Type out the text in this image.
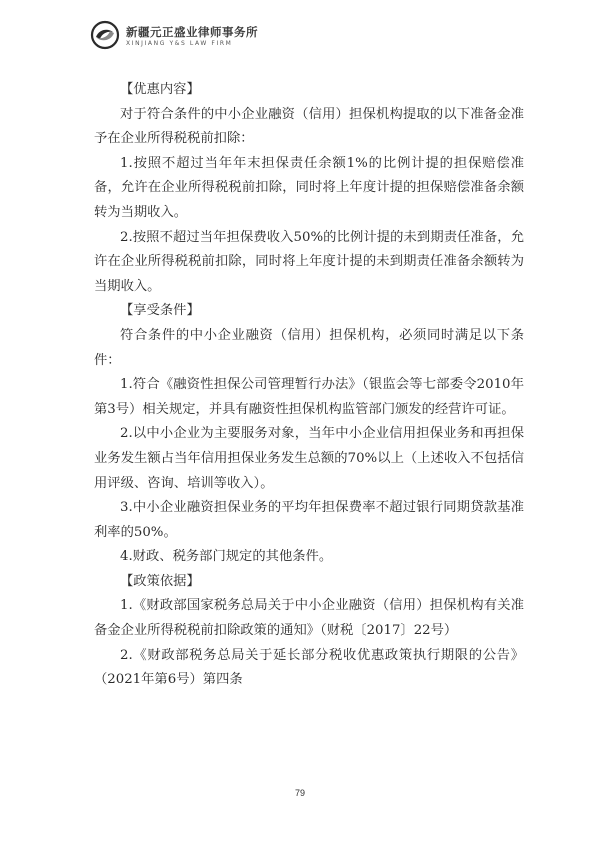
新疆元正盛业律师事务所
XINJIANG Y&S LAW FIRM

【优惠内容】

对于符合条件的中小企业融资（信用）担保机构提取的以下准备金准予在企业所得税税前扣除：

1.按照不超过当年年末担保责任余额1%的比例计提的担保赔偿准备，允许在企业所得税税前扣除，同时将上年度计提的担保赔偿准备余额转为当期收入。

2.按照不超过当年担保费收入50%的比例计提的未到期责任准备，允许在企业所得税税前扣除，同时将上年度计提的未到期责任准备余额转为当期收入。

【享受条件】

符合条件的中小企业融资（信用）担保机构，必须同时满足以下条件：

1.符合《融资性担保公司管理暂行办法》（银监会等七部委令2010年第3号）相关规定，并具有融资性担保机构监管部门颁发的经营许可证。

2.以中小企业为主要服务对象，当年中小企业信用担保业务和再担保业务发生额占当年信用担保业务发生总额的70%以上（上述收入不包括信用评级、咨询、培训等收入）。

3.中小企业融资担保业务的平均年担保费率不超过银行同期贷款基准利率的50%。

4.财政、税务部门规定的其他条件。

【政策依据】

1.《财政部国家税务总局关于中小企业融资（信用）担保机构有关准备金企业所得税税前扣除政策的通知》（财税〔2017〕22号）

2.《财政部税务总局关于延长部分税收优惠政策执行期限的公告》（2021年第6号）第四条

79
